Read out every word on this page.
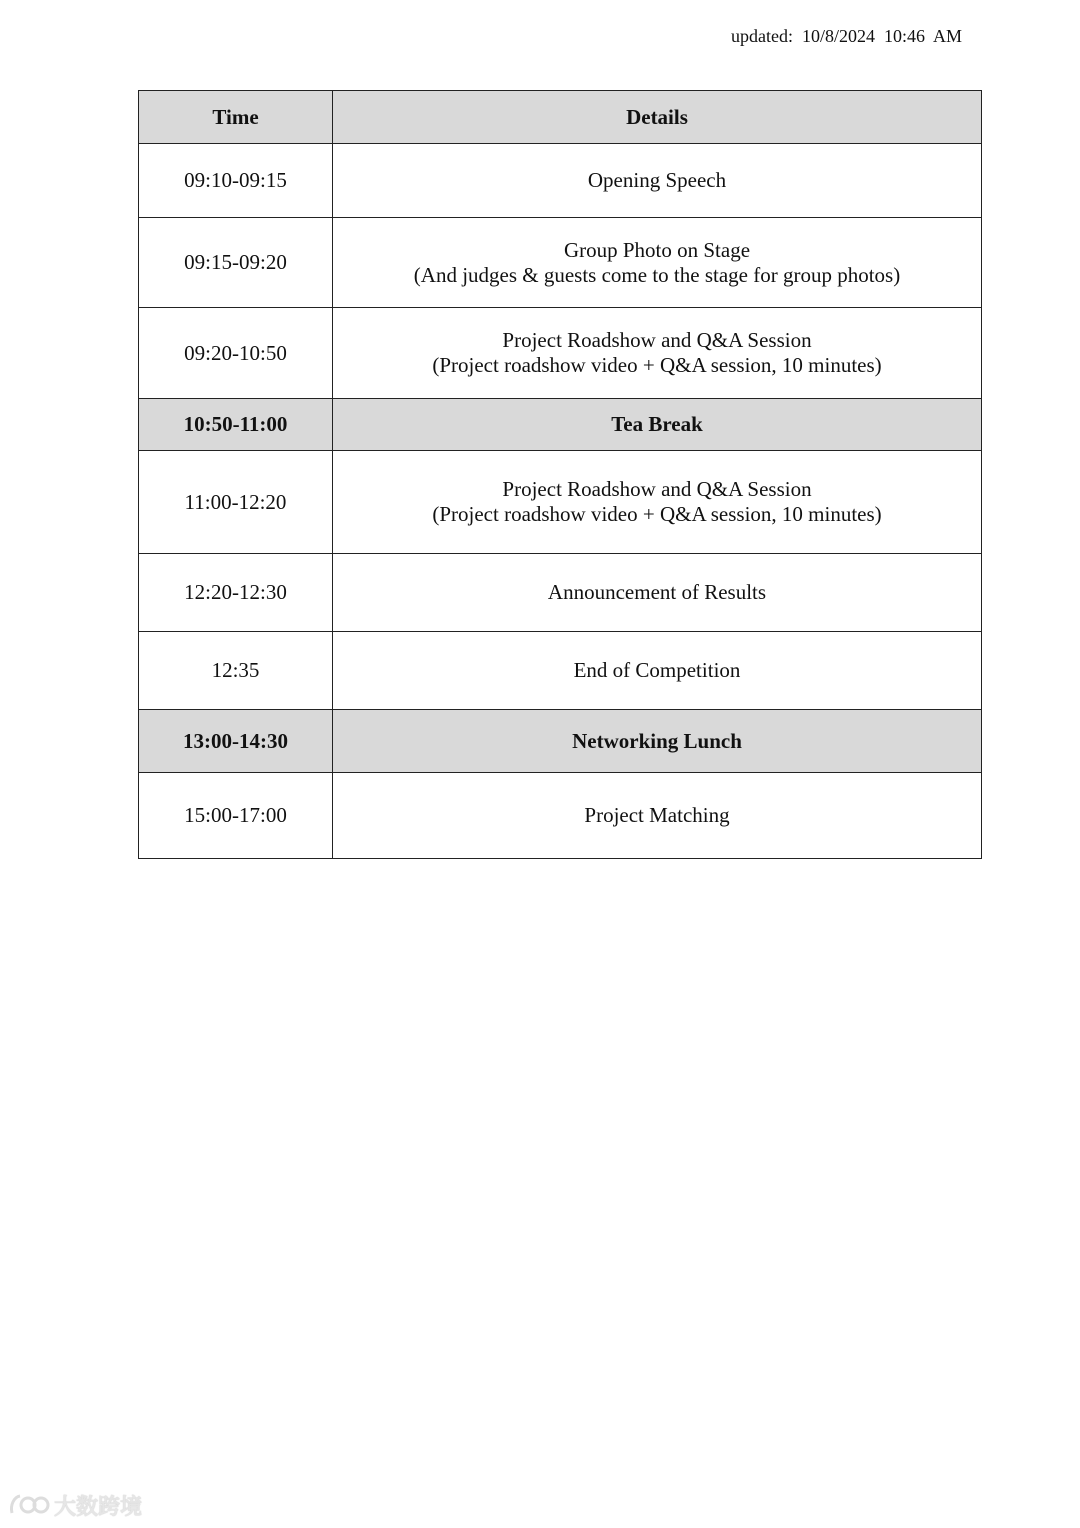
updated: 10/8/2024 10:46 AM
Time	Details
09:10-09:15	Opening Speech

09:15-09:20	Group Photo on Stage
(And judges & guests come to the stage for group photos)

09:20-10:50	Project Roadshow and Q&A Session
(Project roadshow video + Q&A session, 10 minutes)

10:50-11:00	Tea Break

11:00-12:20	Project Roadshow and Q&A Session
(Project roadshow video + Q&A session, 10 minutes)

12:20-12:30	Announcement of Results

12:35	End of Competition

13:00-14:30	Networking Lunch

15:00-17:00	Project Matching
大数跨境
